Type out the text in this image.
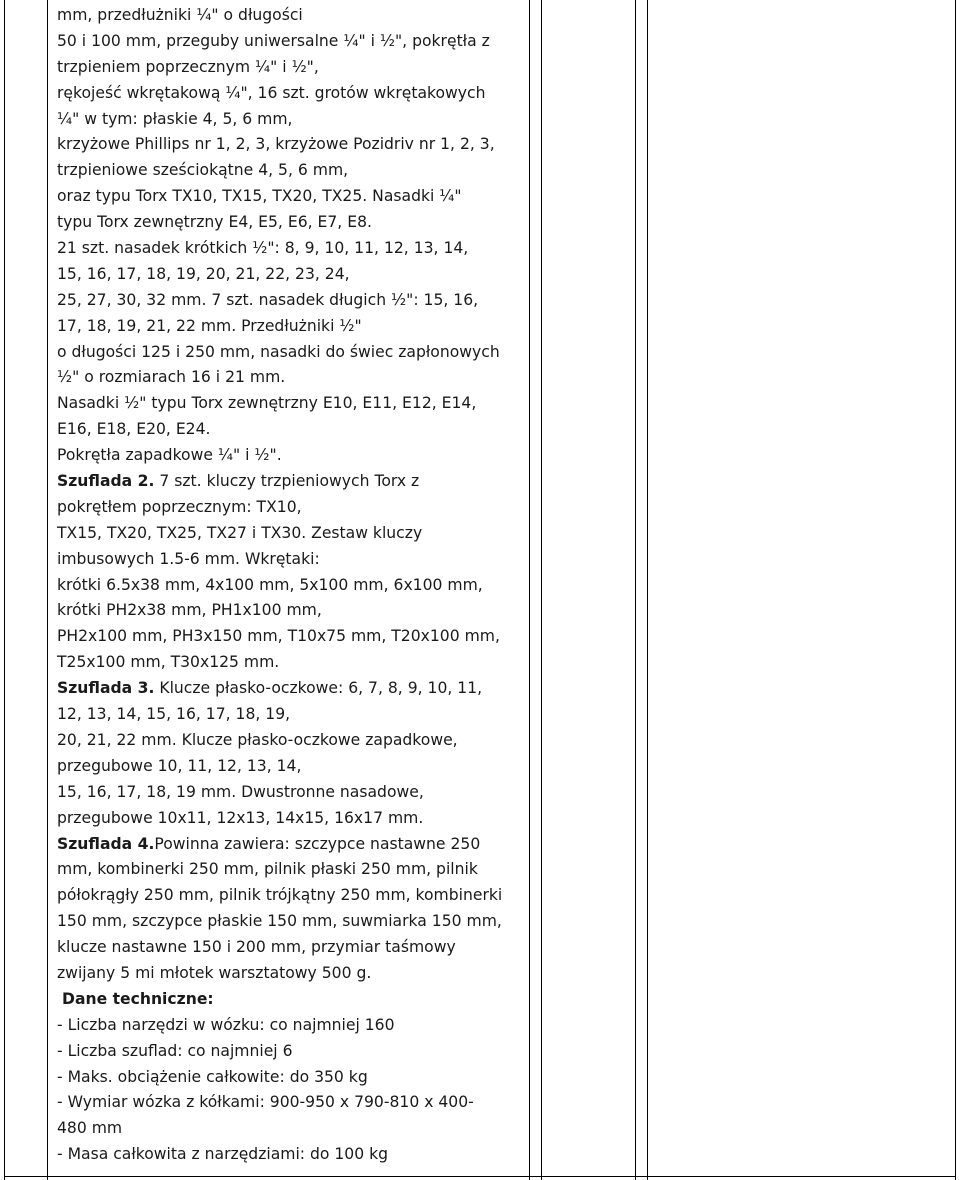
mm, przedłużniki ¼" o długości
50 i 100 mm, przeguby uniwersalne ¼" i ½", pokrętła z
trzpieniem poprzecznym ¼" i ½",
rękojeść wkrętakową ¼", 16 szt. grotów wkrętakowych
¼" w tym: płaskie 4, 5, 6 mm,
krzyżowe Phillips nr 1, 2, 3, krzyżowe Pozidriv nr 1, 2, 3,
trzpieniowe sześciokątne 4, 5, 6 mm,
oraz typu Torx TX10, TX15, TX20, TX25. Nasadki ¼"
typu Torx zewnętrzny E4, E5, E6, E7, E8.
21 szt. nasadek krótkich ½": 8, 9, 10, 11, 12, 13, 14,
15, 16, 17, 18, 19, 20, 21, 22, 23, 24,
25, 27, 30, 32 mm. 7 szt. nasadek długich ½": 15, 16,
17, 18, 19, 21, 22 mm. Przedłużniki ½"
o długości 125 i 250 mm, nasadki do świec zapłonowych
½" o rozmiarach 16 i 21 mm.
Nasadki ½" typu Torx zewnętrzny E10, E11, E12, E14,
E16, E18, E20, E24.
Pokrętła zapadkowe ¼" i ½".
Szuflada 2. 7 szt. kluczy trzpieniowych Torx z
pokrętłem poprzecznym: TX10,
TX15, TX20, TX25, TX27 i TX30. Zestaw kluczy
imbusowych 1.5-6 mm. Wkrętaki:
krótki 6.5x38 mm, 4x100 mm, 5x100 mm, 6x100 mm,
krótki PH2x38 mm, PH1x100 mm,
PH2x100 mm, PH3x150 mm, T10x75 mm, T20x100 mm,
T25x100 mm, T30x125 mm.
Szuflada 3. Klucze płasko-oczkowe: 6, 7, 8, 9, 10, 11,
12, 13, 14, 15, 16, 17, 18, 19,
20, 21, 22 mm. Klucze płasko-oczkowe zapadkowe,
przegubowe 10, 11, 12, 13, 14,
15, 16, 17, 18, 19 mm. Dwustronne nasadowe,
przegubowe 10x11, 12x13, 14x15, 16x17 mm.
Szuflada 4.Powinna zawiera: szczypce nastawne 250
mm, kombinerki 250 mm, pilnik płaski 250 mm, pilnik
półokrągły 250 mm, pilnik trójkątny 250 mm, kombinerki
150 mm, szczypce płaskie 150 mm, suwmiarka 150 mm,
klucze nastawne 150 i 200 mm, przymiar taśmowy
zwijany 5 mi młotek warsztatowy 500 g.
Dane techniczne:
- Liczba narzędzi w wózku: co najmniej 160
- Liczba szuflad: co najmniej 6
- Maks. obciążenie całkowite: do 350 kg
- Wymiar wózka z kółkami: 900-950 x 790-810 x 400-
480 mm
- Masa całkowita z narzędziami: do 100 kg
